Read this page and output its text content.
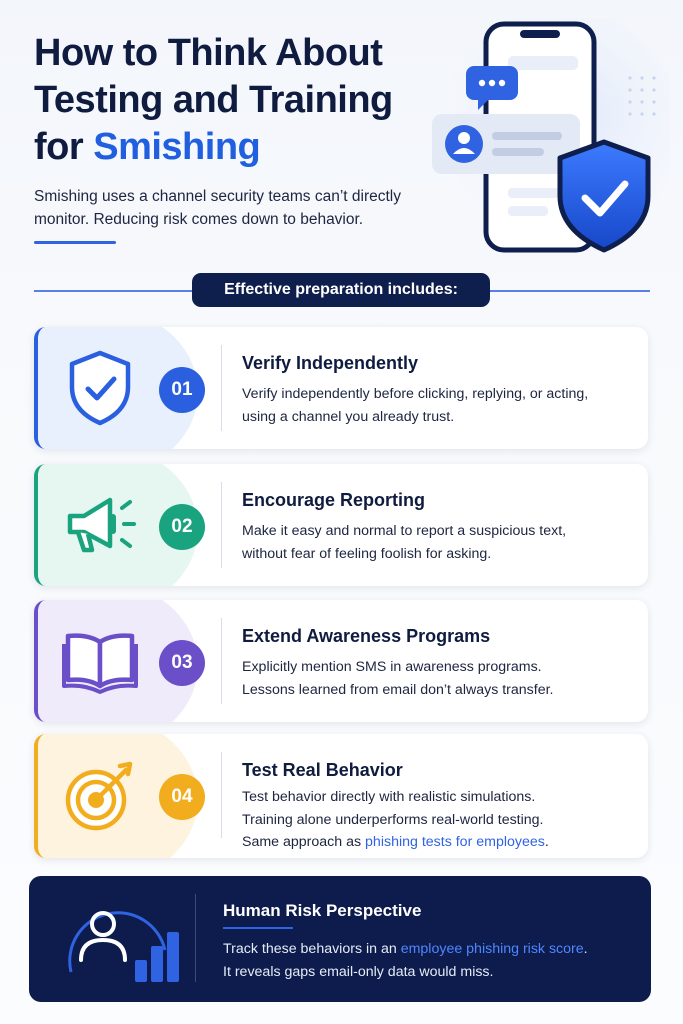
How to Think About
Testing and Training
for Smishing

Smishing uses a channel security teams can’t directly monitor. Reducing risk comes down to behavior.

Effective preparation includes:
01
Verify Independently
Verify independently before clicking, replying, or acting,
using a channel you already trust.
02
Encourage Reporting
Make it easy and normal to report a suspicious text,
without fear of feeling foolish for asking.
03
Extend Awareness Programs
Explicitly mention SMS in awareness programs.
Lessons learned from email don’t always transfer.
04
Test Real Behavior
Test behavior directly with realistic simulations.
Training alone underperforms real-world testing.
Same approach as phishing tests for employees.
Human Risk Perspective
Track these behaviors in an employee phishing risk score.
It reveals gaps email-only data would miss.
